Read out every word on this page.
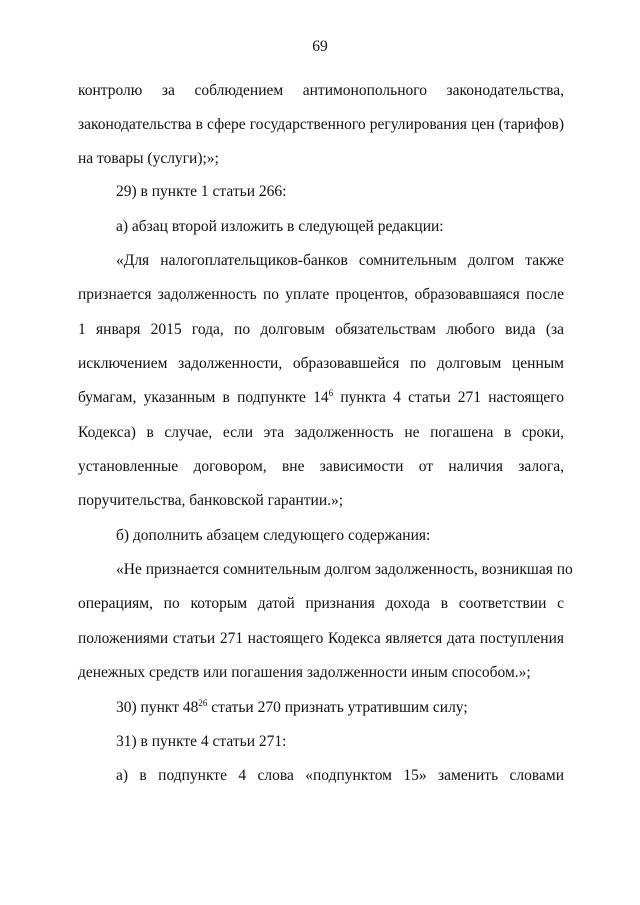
69
контролю за соблюдением антимонопольного законодательства,
законодательства в сфере государственного регулирования цен (тарифов)
на товары (услуги);»;
29) в пункте 1 статьи 266:
а) абзац второй изложить в следующей редакции:
«Для налогоплательщиков-банков сомнительным долгом также
признается задолженность по уплате процентов, образовавшаяся после
1 января 2015 года, по долговым обязательствам любого вида (за
исключением задолженности, образовавшейся по долговым ценным
бумагам, указанным в подпункте $14^6$ пункта 4 статьи 271 настоящего
Кодекса) в случае, если эта задолженность не погашена в сроки,
установленные договором, вне зависимости от наличия залога,
поручительства, банковской гарантии.»;
б) дополнить абзацем следующего содержания:
«Не признается сомнительным долгом задолженность, возникшая по
операциям, по которым датой признания дохода в соответствии с
положениями статьи 271 настоящего Кодекса является дата поступления
денежных средств или погашения задолженности иным способом.»;
30) пункт $48^{26}$ статьи 270 признать утратившим силу;
31) в пункте 4 статьи 271:
а) в подпункте 4 слова «подпунктом 15» заменить словами
